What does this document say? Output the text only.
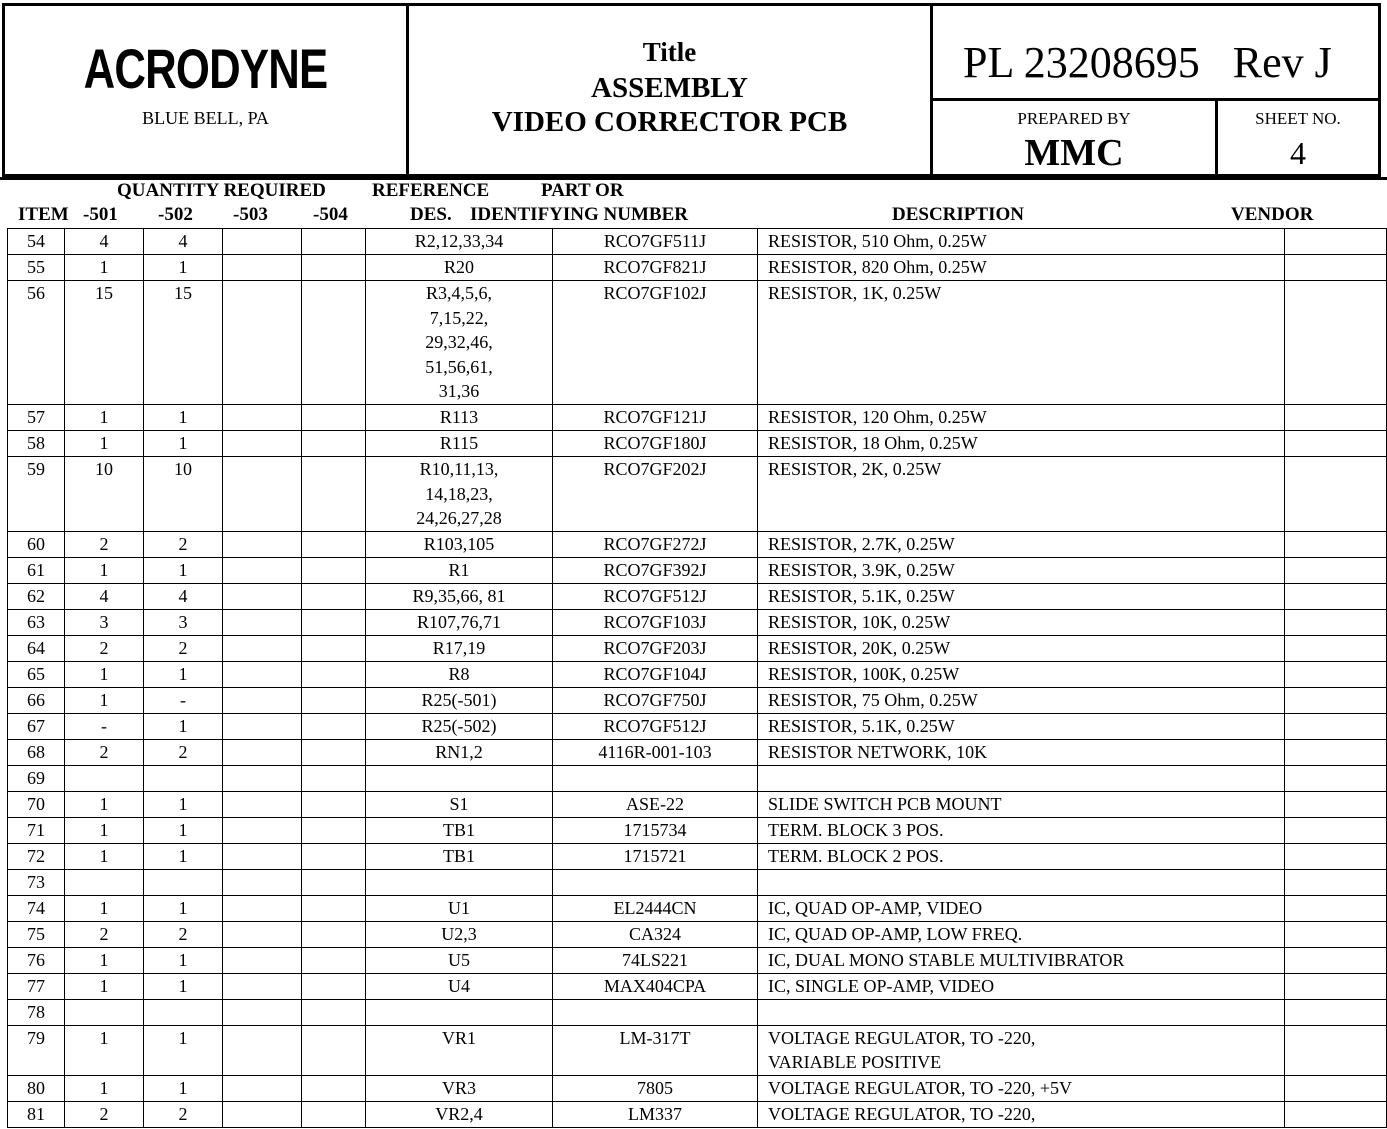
ACRODYNE
BLUE BELL, PA
Title
ASSEMBLY
VIDEO CORRECTOR PCB
PL 23208695   Rev J
PREPARED BY
MMC
SHEET NO.
4
QUANTITY REQUIRED REFERENCE	PART OR
ITEM -501 -502 -503 -504	DES. IDENTIFYING NUMBER	DESCRIPTION	VENDOR
54	4	4			R2,12,33,34	RCO7GF511J	RESISTOR, 510 Ohm, 0.25W	
55	1	1			R20	RCO7GF821J	RESISTOR, 820 Ohm, 0.25W	
56	15	15			R3,4,5,6,
7,15,22,
29,32,46,
51,56,61,
31,36	RCO7GF102J	RESISTOR, 1K, 0.25W	
57	1	1			R113	RCO7GF121J	RESISTOR, 120 Ohm, 0.25W	
58	1	1			R115	RCO7GF180J	RESISTOR, 18 Ohm, 0.25W	
59	10	10			R10,11,13,
14,18,23,
24,26,27,28	RCO7GF202J	RESISTOR, 2K, 0.25W	
60	2	2			R103,105	RCO7GF272J	RESISTOR, 2.7K, 0.25W	
61	1	1			R1	RCO7GF392J	RESISTOR, 3.9K, 0.25W	
62	4	4			R9,35,66, 81	RCO7GF512J	RESISTOR, 5.1K, 0.25W	
63	3	3			R107,76,71	RCO7GF103J	RESISTOR, 10K, 0.25W	
64	2	2			R17,19	RCO7GF203J	RESISTOR, 20K, 0.25W	
65	1	1			R8	RCO7GF104J	RESISTOR, 100K, 0.25W	
66	1	-			R25(-501)	RCO7GF750J	RESISTOR, 75 Ohm, 0.25W	
67	-	1			R25(-502)	RCO7GF512J	RESISTOR, 5.1K, 0.25W	
68	2	2			RN1,2	4116R-001-103	RESISTOR NETWORK, 10K	
69								
70	1	1			S1	ASE-22	SLIDE SWITCH PCB MOUNT	
71	1	1			TB1	1715734	TERM. BLOCK 3 POS.	
72	1	1			TB1	1715721	TERM. BLOCK 2 POS.	
73								
74	1	1			U1	EL2444CN	IC, QUAD OP-AMP, VIDEO	
75	2	2			U2,3	CA324	IC, QUAD OP-AMP, LOW FREQ.	
76	1	1			U5	74LS221	IC, DUAL MONO STABLE MULTIVIBRATOR	
77	1	1			U4	MAX404CPA	IC, SINGLE OP-AMP, VIDEO	
78								
79	1	1			VR1	LM-317T	VOLTAGE REGULATOR, TO -220,
VARIABLE POSITIVE	
80	1	1			VR3	7805	VOLTAGE REGULATOR, TO -220, +5V	
81	2	2			VR2,4	LM337	VOLTAGE REGULATOR, TO -220,	
